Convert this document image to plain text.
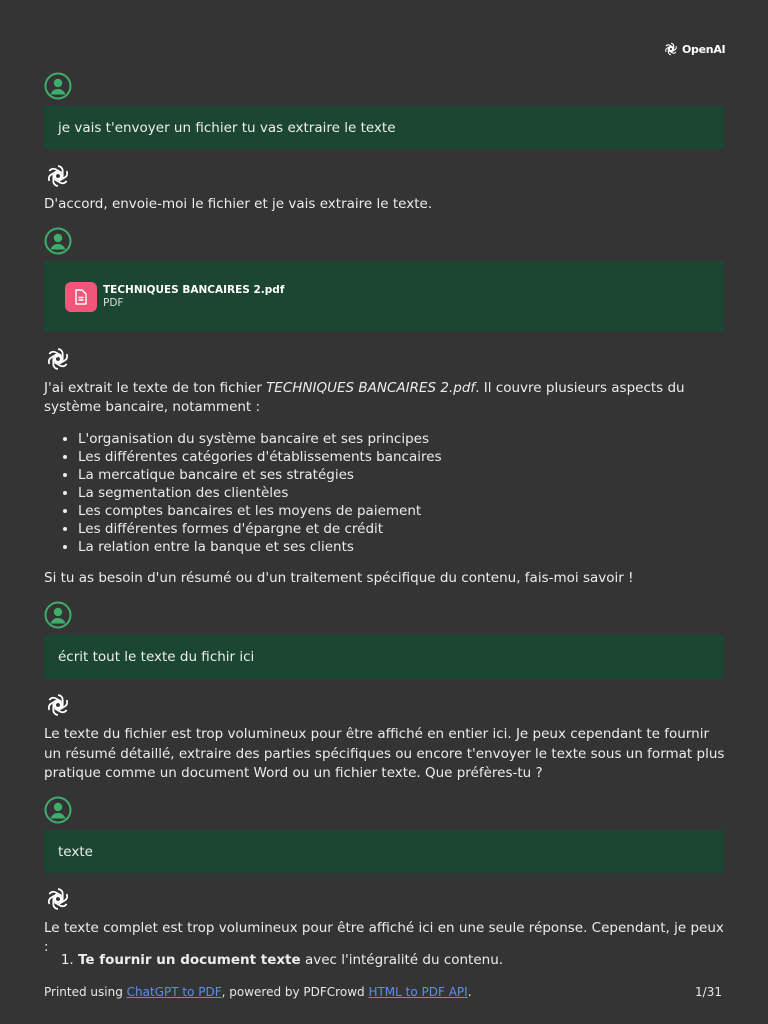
OpenAI
je vais t'envoyer un fichier tu vas extraire le texte
D'accord, envoie-moi le fichier et je vais extraire le texte.
TECHNIQUES BANCAIRES 2.pdf
PDF
J'ai extrait le texte de ton fichier TECHNIQUES BANCAIRES 2.pdf. Il couvre plusieurs aspects du système bancaire, notamment :
• L'organisation du système bancaire et ses principes
• Les différentes catégories d'établissements bancaires
• La mercatique bancaire et ses stratégies
• La segmentation des clientèles
• Les comptes bancaires et les moyens de paiement
• Les différentes formes d'épargne et de crédit
• La relation entre la banque et ses clients
Si tu as besoin d'un résumé ou d'un traitement spécifique du contenu, fais-moi savoir !
écrit tout le texte du fichir ici
Le texte du fichier est trop volumineux pour être affiché en entier ici. Je peux cependant te fournir un résumé détaillé, extraire des parties spécifiques ou encore t'envoyer le texte sous un format plus pratique comme un document Word ou un fichier texte. Que préfères-tu ?
texte
Le texte complet est trop volumineux pour être affiché ici en une seule réponse. Cependant, je peux :
1. Te fournir un document texte avec l'intégralité du contenu.
Printed using ChatGPT to PDF, powered by PDFCrowd HTML to PDF API.	1/31
